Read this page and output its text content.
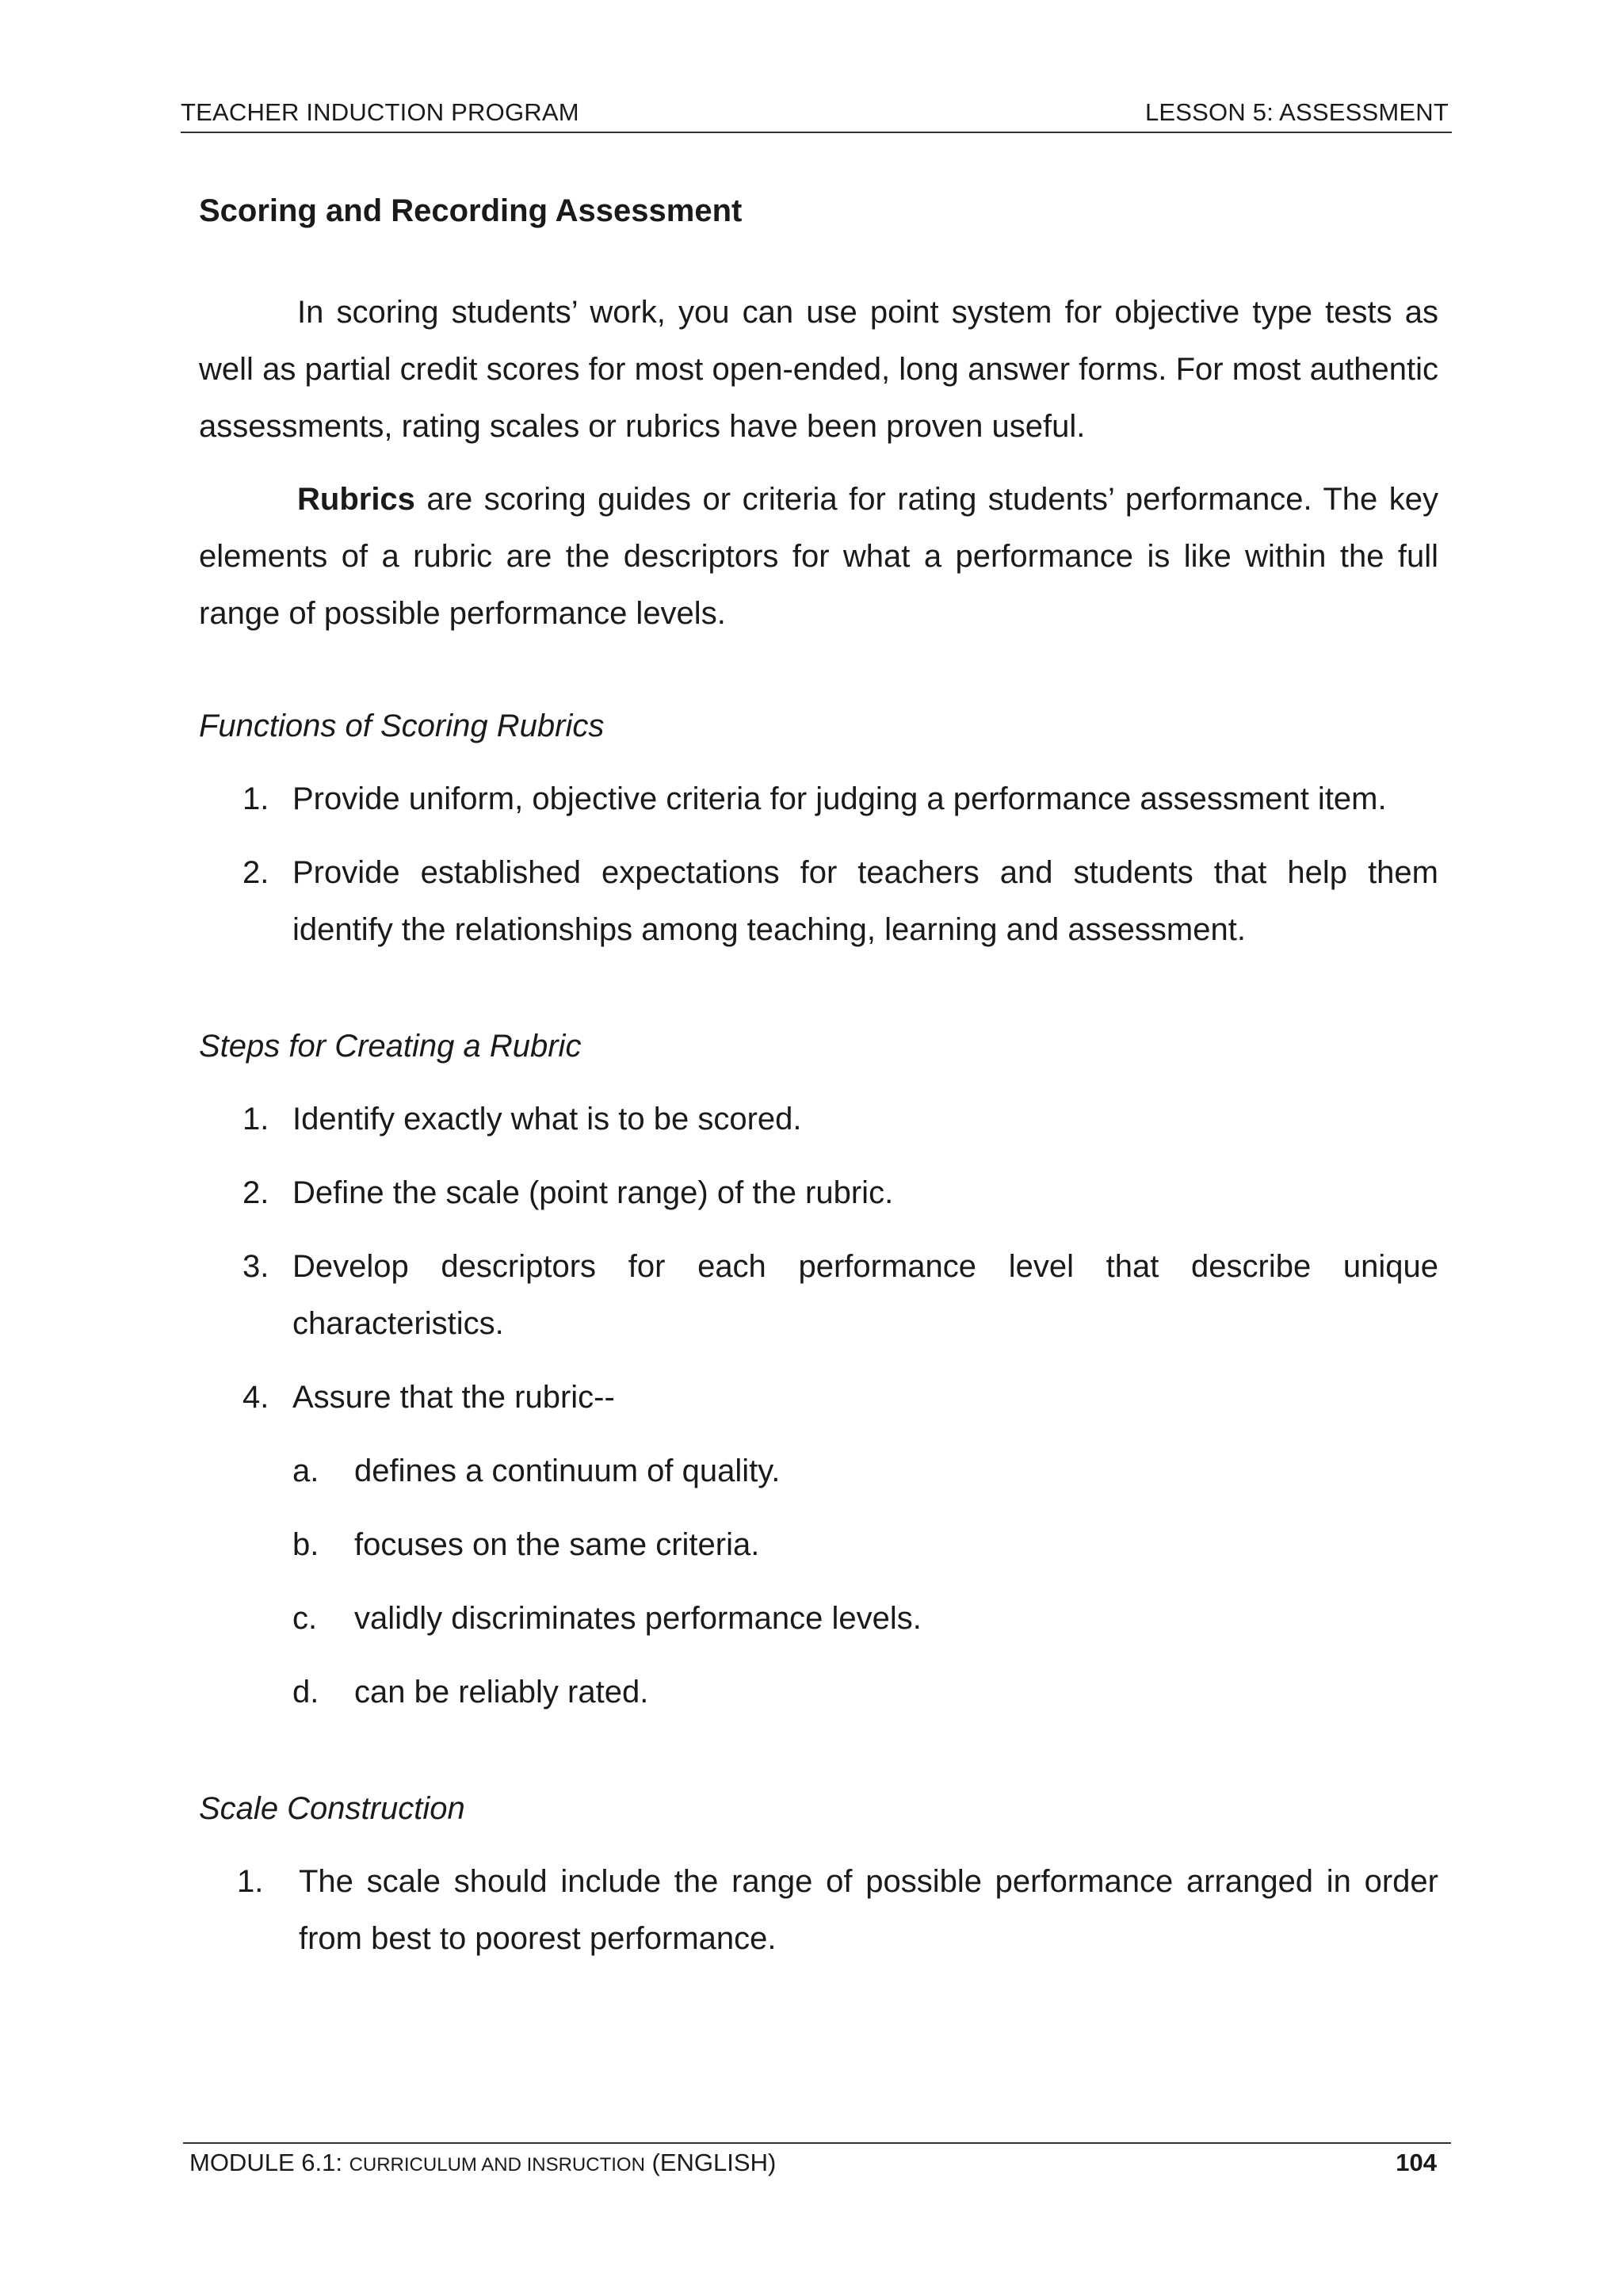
TEACHER INDUCTION PROGRAM	LESSON 5: ASSESSMENT
Scoring and Recording Assessment

In scoring students’ work, you can use point system for objective type tests as well as partial credit scores for most open-ended, long answer forms. For most authentic assessments, rating scales or rubrics have been proven useful.

Rubrics are scoring guides or criteria for rating students’ performance. The key elements of a rubric are the descriptors for what a performance is like within the full range of possible performance levels.

Functions of Scoring Rubrics
1. Provide uniform, objective criteria for judging a performance assessment item.
2. Provide established expectations for teachers and students that help them identify the relationships among teaching, learning and assessment.
Steps for Creating a Rubric
1. Identify exactly what is to be scored.
2. Define the scale (point range) of the rubric.
3. Develop descriptors for each performance level that describe unique characteristics.
4. Assure that the rubric--
a. defines a continuum of quality.
b. focuses on the same criteria.
c. validly discriminates performance levels.
d. can be reliably rated.
Scale Construction
1. The scale should include the range of possible performance arranged in order from best to poorest performance.
MODULE 6.1: CURRICULUM AND INSRUCTION (ENGLISH)	104
